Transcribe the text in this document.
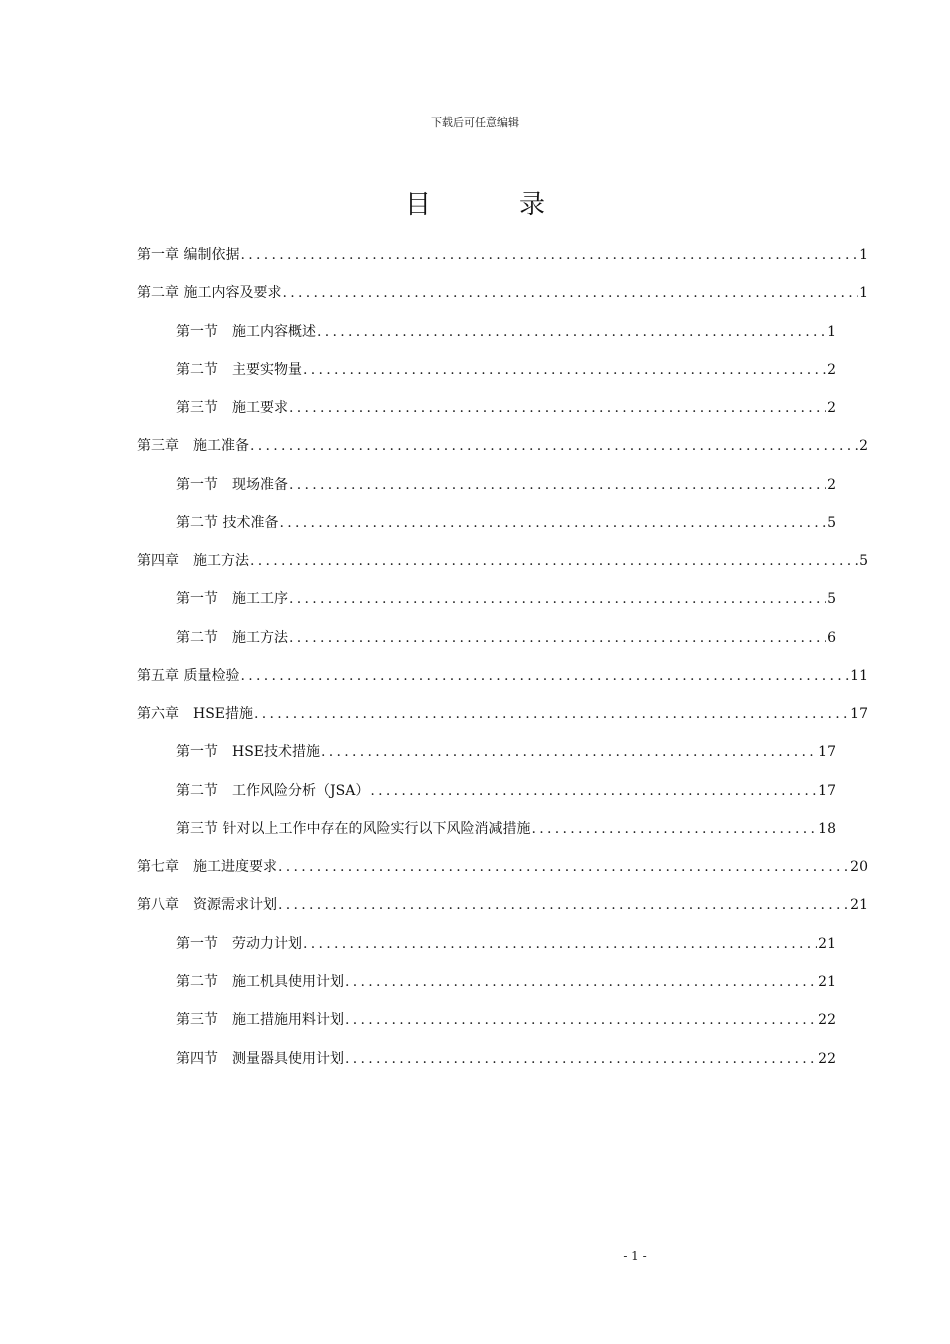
下载后可任意编辑
目	录
第一章 编制依据 .....	1
第二章 施工内容及要求 .....	1
第一节　施工内容概述 .....	1
第二节　主要实物量 .....	2
第三节　施工要求 .....	2
第三章　施工准备 .....	2
第一节　现场准备 .....	2
第二节 技术准备 .....	5
第四章　施工方法 .....	5
第一节　施工工序 .....	5
第二节　施工方法 .....	6
第五章 质量检验 .....	11
第六章　HSE措施 .....	17
第一节　HSE技术措施 .....	17
第二节　工作风险分析（JSA） .....	17
第三节 针对以上工作中存在的风险实行以下风险消减措施 .....	18
第七章　施工进度要求 .....	20
第八章　资源需求计划 .....	21
第一节　劳动力计划 .....	21
第二节　施工机具使用计划 .....	21
第三节　施工措施用料计划 .....	22
第四节　测量器具使用计划 .....	22
- 1 -
